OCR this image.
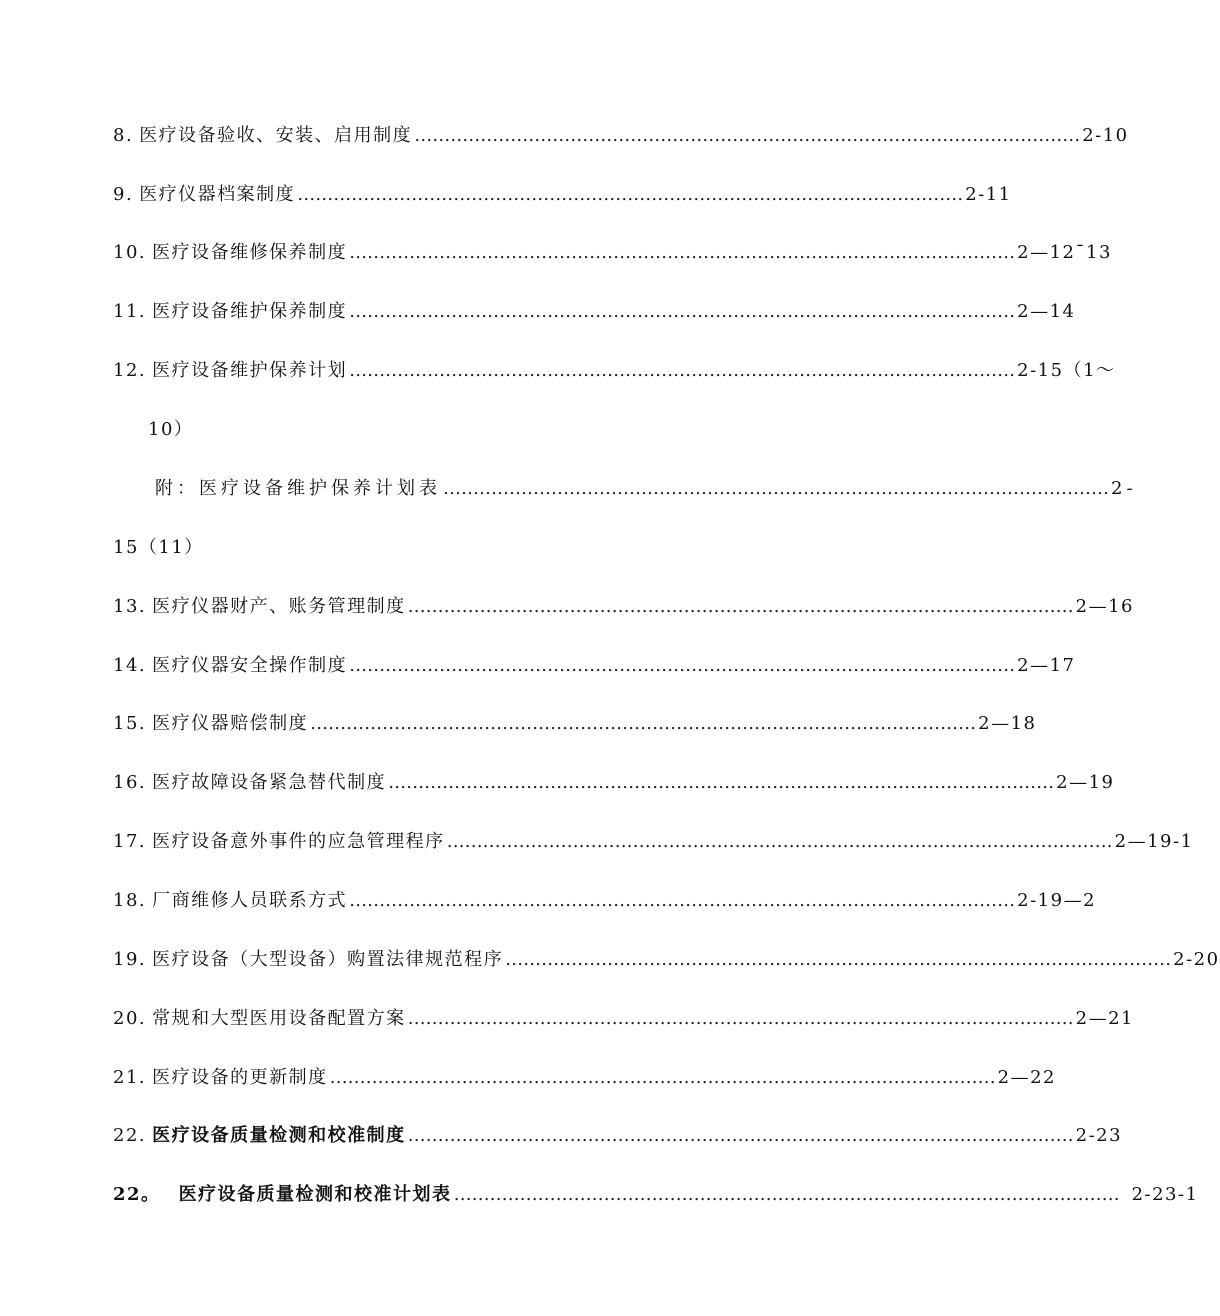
8. 医疗设备验收、安装、启用制度 ………………………………………………………………………………………………… 2-10
9. 医疗仪器档案制度 ………………………………………………………………………………………………… 2-11
10. 医疗设备维修保养制度 ………………………………………………………………………………………………… 2—12¯13
11. 医疗设备维护保养制度 ………………………………………………………………………………………………… 2—14
12. 医疗设备维护保养计划 ………………………………………………………………………………………………… 2-15（1～
10）
附：医疗设备维护保养计划表 ………………………………………………………………………………………………… 2-
15（11）
13. 医疗仪器财产、账务管理制度 ………………………………………………………………………………………………… 2—16
14. 医疗仪器安全操作制度 ………………………………………………………………………………………………… 2—17
15. 医疗仪器赔偿制度 ………………………………………………………………………………………………… 2—18
16. 医疗故障设备紧急替代制度 ………………………………………………………………………………………………… 2—19
17. 医疗设备意外事件的应急管理程序 ………………………………………………………………………………………………… 2—19-1
18. 厂商维修人员联系方式 ………………………………………………………………………………………………… 2-19—2
19. 医疗设备（大型设备）购置法律规范程序 ………………………………………………………………………………………………… 2-20
20. 常规和大型医用设备配置方案 ………………………………………………………………………………………………… 2—21
21. 医疗设备的更新制度 ………………………………………………………………………………………………… 2—22
22. 医疗设备质量检测和校准制度 ………………………………………………………………………………………………… 2-23
22。 医疗设备质量检测和校准计划表 ………………………………………………………………………………………………… 2-23-1
